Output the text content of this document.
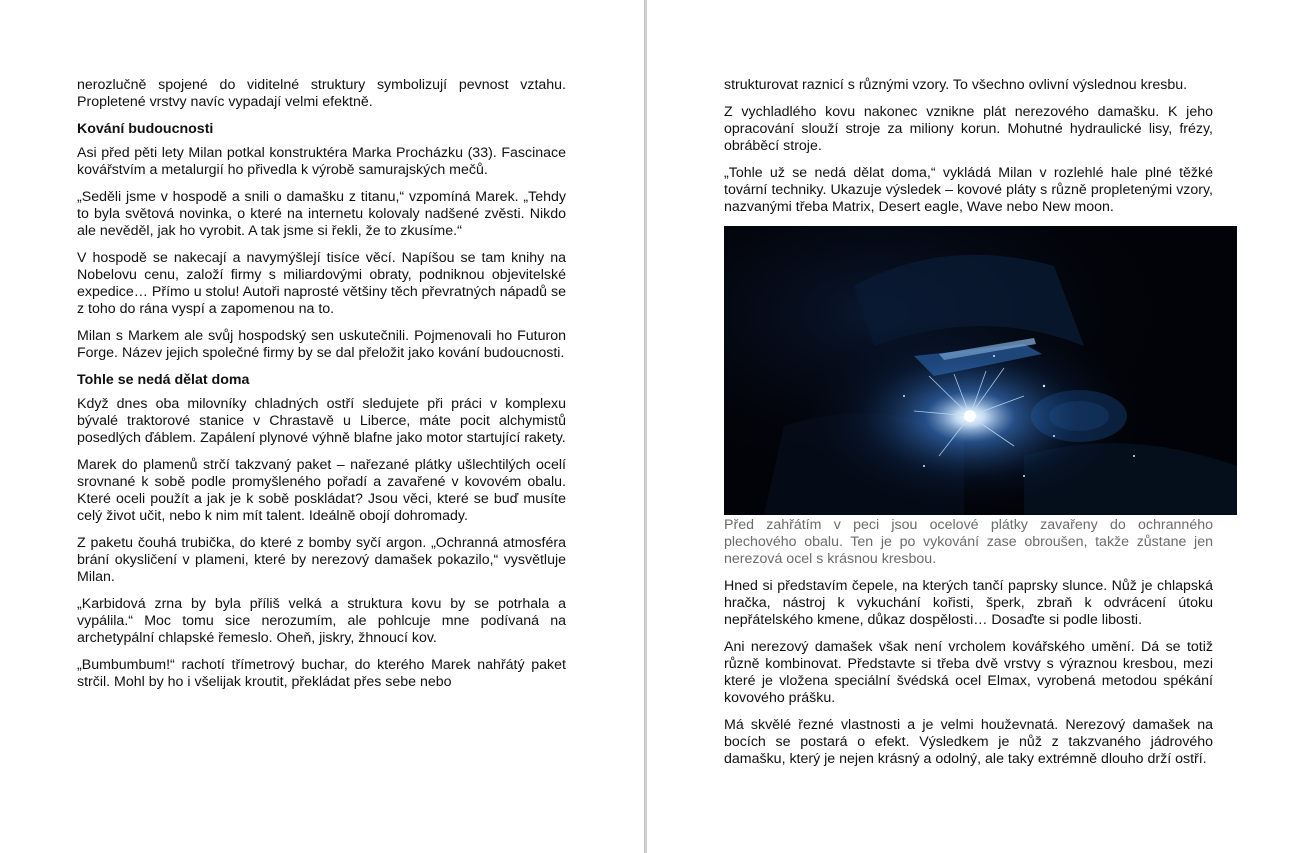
nerozlučně spojené do viditelné struktury symbolizují pevnost vztahu. Propletené vrstvy navíc vypadají velmi efektně.

Kování budoucnosti

Asi před pěti lety Milan potkal konstruktéra Marka Procházku (33). Fascinace kovářstvím a metalurgií ho přivedla k výrobě samurajských mečů.

„Seděli jsme v hospodě a snili o damašku z titanu,“ vzpomíná Marek. „Tehdy to byla světová novinka, o které na internetu kolovaly nadšené zvěsti. Nikdo ale nevěděl, jak ho vyrobit. A tak jsme si řekli, že to zkusíme.“

V hospodě se nakecají a navymýšlejí tisíce věcí. Napíšou se tam knihy na Nobelovu cenu, založí firmy s miliardovými obraty, podniknou objevitelské expedice… Přímo u stolu! Autoři naprosté většiny těch převratných nápadů se z toho do rána vyspí a zapomenou na to.

Milan s Markem ale svůj hospodský sen uskutečnili. Pojmenovali ho Futuron Forge. Název jejich společné firmy by se dal přeložit jako kování budoucnosti.

Tohle se nedá dělat doma

Když dnes oba milovníky chladných ostří sledujete při práci v komplexu bývalé traktorové stanice v Chrastavě u Liberce, máte pocit alchymistů posedlých ďáblem. Zapálení plynové výhně blafne jako motor startující rakety.

Marek do plamenů strčí takzvaný paket – nařezané plátky ušlechtilých ocelí srovnané k sobě podle promyšleného pořadí a zavařené v kovovém obalu. Které oceli použít a jak je k sobě poskládat? Jsou věci, které se buď musíte celý život učit, nebo k nim mít talent. Ideálně obojí dohromady.

Z paketu čouhá trubička, do které z bomby syčí argon. „Ochranná atmosféra brání okysličení v plameni, které by nerezový damašek pokazilo,“ vysvětluje Milan.

„Karbidová zrna by byla příliš velká a struktura kovu by se potrhala a vypálila.“ Moc tomu sice nerozumím, ale pohlcuje mne podívaná na archetypální chlapské řemeslo. Oheň, jiskry, žhnoucí kov.

„Bumbumbum!“ rachotí třímetrový buchar, do kterého Marek nahřátý paket strčil. Mohl by ho i všelijak kroutit, překládat přes sebe nebo

strukturovat raznicí s různými vzory. To všechno ovlivní výslednou kresbu.

Z vychladlého kovu nakonec vznikne plát nerezového damašku. K jeho opracování slouží stroje za miliony korun. Mohutné hydraulické lisy, frézy, obráběcí stroje.

„Tohle už se nedá dělat doma,“ vykládá Milan v rozlehlé hale plné těžké tovární techniky. Ukazuje výsledek – kovové pláty s různě propletenými vzory, nazvanými třeba Matrix, Desert eagle, Wave nebo New moon.

Před zahřátím v peci jsou ocelové plátky zavařeny do ochranného plechového obalu. Ten je po vykování zase obroušen, takže zůstane jen nerezová ocel s krásnou kresbou.

Hned si představím čepele, na kterých tančí paprsky slunce. Nůž je chlapská hračka, nástroj k vykuchání kořisti, šperk, zbraň k odvrácení útoku nepřátelského kmene, důkaz dospělosti… Dosaďte si podle libosti.

Ani nerezový damašek však není vrcholem kovářského umění. Dá se totiž různě kombinovat. Představte si třeba dvě vrstvy s výraznou kresbou, mezi které je vložena speciální švédská ocel Elmax, vyrobená metodou spékání kovového prášku.

Má skvělé řezné vlastnosti a je velmi houževnatá. Nerezový damašek na bocích se postará o efekt. Výsledkem je nůž z takzvaného jádrového damašku, který je nejen krásný a odolný, ale taky extrémně dlouho drží ostří.
